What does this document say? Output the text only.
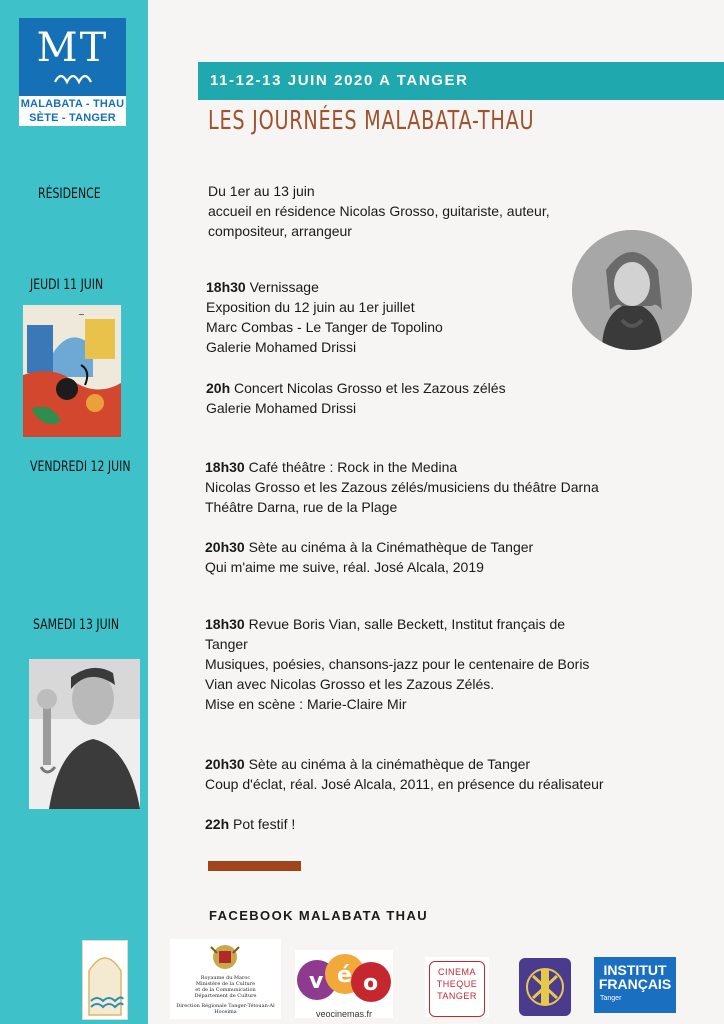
MT
MALABATA - THAU
SÈTE - TANGER
RÉSIDENCE
JEUDI 11 JUIN
VENDREDI 12 JUIN
SAMEDI 13 JUIN
~
11-12-13 JUIN 2020 A TANGER
LES JOURNÉES MALABATA-THAU
Du 1er au 13 juin
accueil en résidence Nicolas Grosso, guitariste, auteur,
compositeur, arrangeur
18h30 Vernissage
Exposition du 12 juin au 1er juillet
Marc Combas - Le Tanger de Topolino
Galerie Mohamed Drissi
20h Concert Nicolas Grosso et les Zazous zélés
Galerie Mohamed Drissi
18h30 Café théâtre : Rock in the Medina
Nicolas Grosso et les Zazous zélés/musiciens du théâtre Darna
Théâtre Darna, rue de la Plage
20h30 Sète au cinéma à la Cinémathèque de Tanger
Qui m'aime me suive, réal. José Alcala, 2019
18h30 Revue Boris Vian, salle Beckett, Institut français de
Tanger
Musiques, poésies, chansons-jazz pour le centenaire de Boris
Vian avec Nicolas Grosso et les Zazous Zélés.
Mise en scène : Marie-Claire Mir
20h30 Sète au cinéma à la cinémathèque de Tanger
Coup d'éclat, réal. José Alcala, 2011, en présence du réalisateur
22h Pot festif !
FACEBOOK MALABATA THAU
Royaume du Maroc
Ministère de la Culture
et de la Communication
Département de Culture
Direction Régionale Tanger-Tétouan-Al Hoceima
v é o
veocinemas.fr
CINEMA
THEQUE
TANGER
INSTITUT
FRANÇAIS
Tanger
